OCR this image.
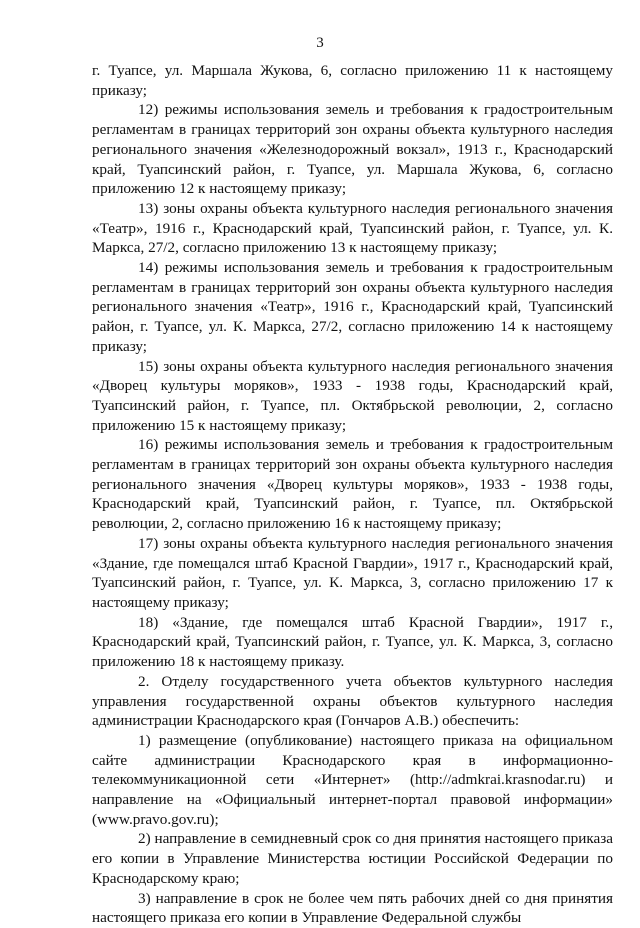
3

г. Туапсе, ул. Маршала Жукова, 6, согласно приложению 11 к настоящему приказу;

12) режимы использования земель и требования к градостроительным регламентам в границах территорий зон охраны объекта культурного наследия регионального значения «Железнодорожный вокзал», 1913 г., Краснодарский край, Туапсинский район, г. Туапсе, ул. Маршала Жукова, 6, согласно приложению 12 к настоящему приказу;

13) зоны охраны объекта культурного наследия регионального значения «Театр», 1916 г., Краснодарский край, Туапсинский район, г. Туапсе, ул. К. Маркса, 27/2, согласно приложению 13 к настоящему приказу;

14) режимы использования земель и требования к градостроительным регламентам в границах территорий зон охраны объекта культурного наследия регионального значения «Театр», 1916 г., Краснодарский край, Туапсинский район, г. Туапсе, ул. К. Маркса, 27/2, согласно приложению 14 к настоящему приказу;

15) зоны охраны объекта культурного наследия регионального значения «Дворец культуры моряков», 1933 - 1938 годы, Краснодарский край, Туапсинский район, г. Туапсе, пл. Октябрьской революции, 2, согласно приложению 15 к настоящему приказу;

16) режимы использования земель и требования к градостроительным регламентам в границах территорий зон охраны объекта культурного наследия регионального значения «Дворец культуры моряков», 1933 - 1938 годы, Краснодарский край, Туапсинский район, г. Туапсе, пл. Октябрьской революции, 2, согласно приложению 16 к настоящему приказу;

17) зоны охраны объекта культурного наследия регионального значения «Здание, где помещался штаб Красной Гвардии», 1917 г., Краснодарский край, Туапсинский район, г. Туапсе, ул. К. Маркса, 3, согласно приложению 17 к настоящему приказу;

18) «Здание, где помещался штаб Красной Гвардии», 1917 г., Краснодарский край, Туапсинский район, г. Туапсе, ул. К. Маркса, 3, согласно приложению 18 к настоящему приказу.

2. Отделу государственного учета объектов культурного наследия управления государственной охраны объектов культурного наследия администрации Краснодарского края (Гончаров А.В.) обеспечить:

1) размещение (опубликование) настоящего приказа на официальном сайте администрации Краснодарского края в информационно-телекоммуникационной сети «Интернет» (http://admkrai.krasnodar.ru) и направление на «Официальный интернет-портал правовой информации» (www.pravo.gov.ru);

2) направление в семидневный срок со дня принятия настоящего приказа его копии в Управление Министерства юстиции Российской Федерации по Краснодарскому краю;

3) направление в срок не более чем пять рабочих дней со дня принятия настоящего приказа его копии в Управление Федеральной службы
